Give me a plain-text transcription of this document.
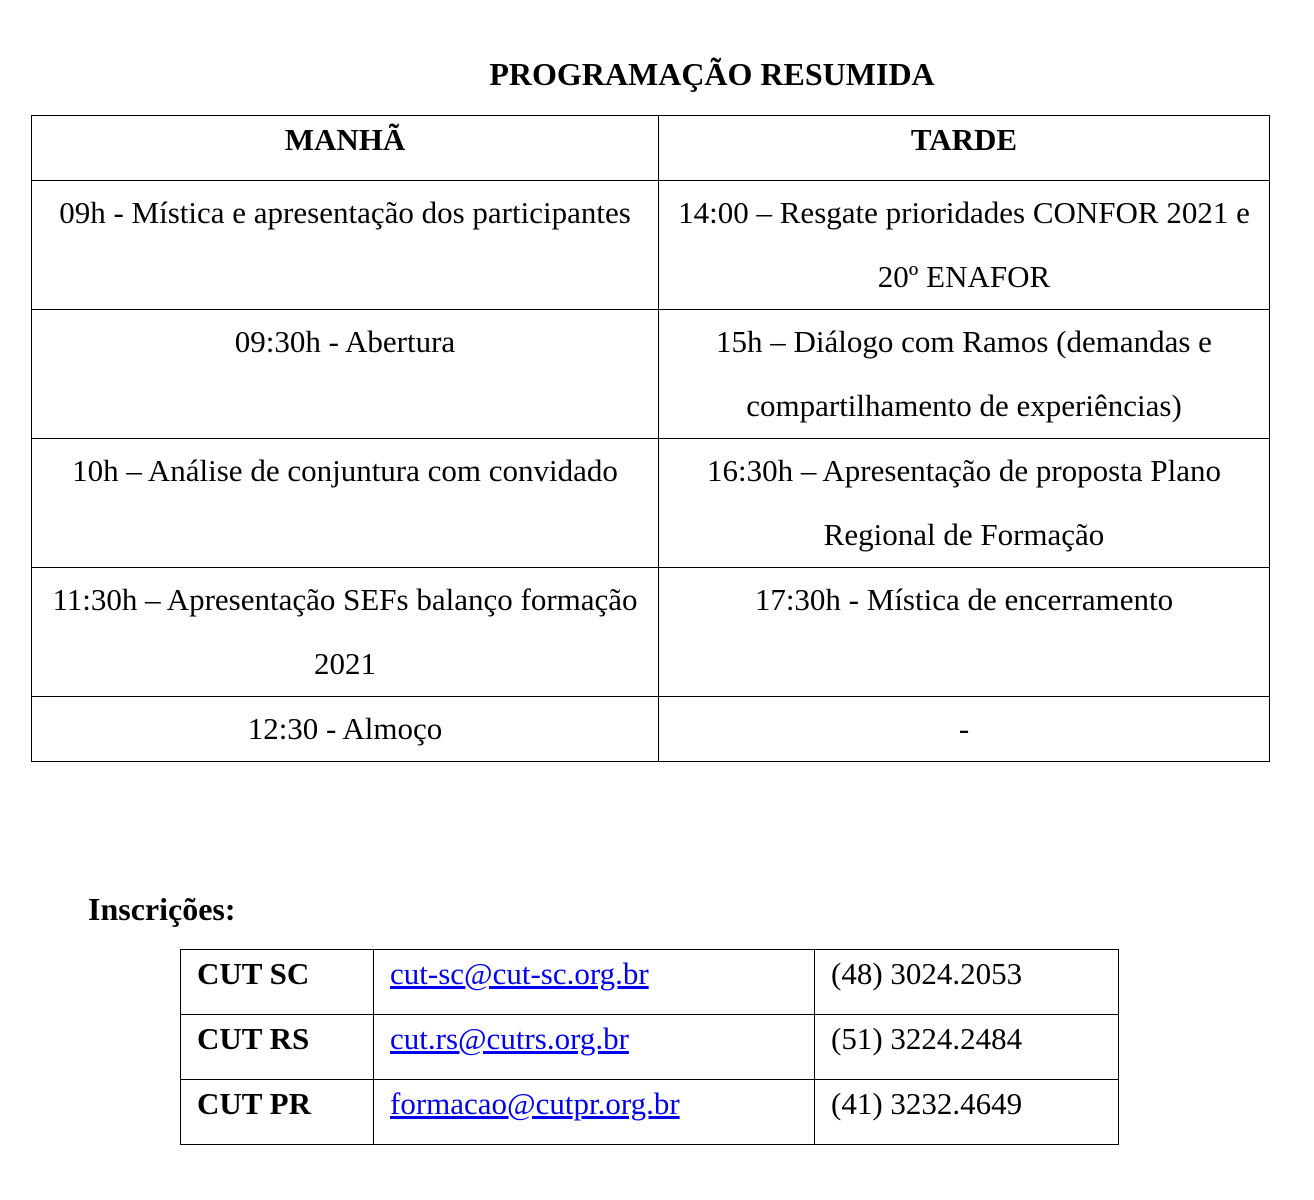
PROGRAMAÇÃO RESUMIDA
MANHÃ	TARDE
09h - Mística e apresentação dos participantes	14:00 – Resgate prioridades CONFOR 2021 e 20º ENAFOR
09:30h - Abertura	15h – Diálogo com Ramos (demandas e compartilhamento de experiências)
10h – Análise de conjuntura com convidado	16:30h – Apresentação de proposta Plano Regional de Formação
11:30h – Apresentação SEFs balanço formação 2021	17:30h - Mística de encerramento
12:30 - Almoço	-

Inscrições:

CUT SC	cut-sc@cut-sc.org.br	(48) 3024.2053
CUT RS	cut.rs@cutrs.org.br	(51) 3224.2484
CUT PR	formacao@cutpr.org.br	(41) 3232.4649
